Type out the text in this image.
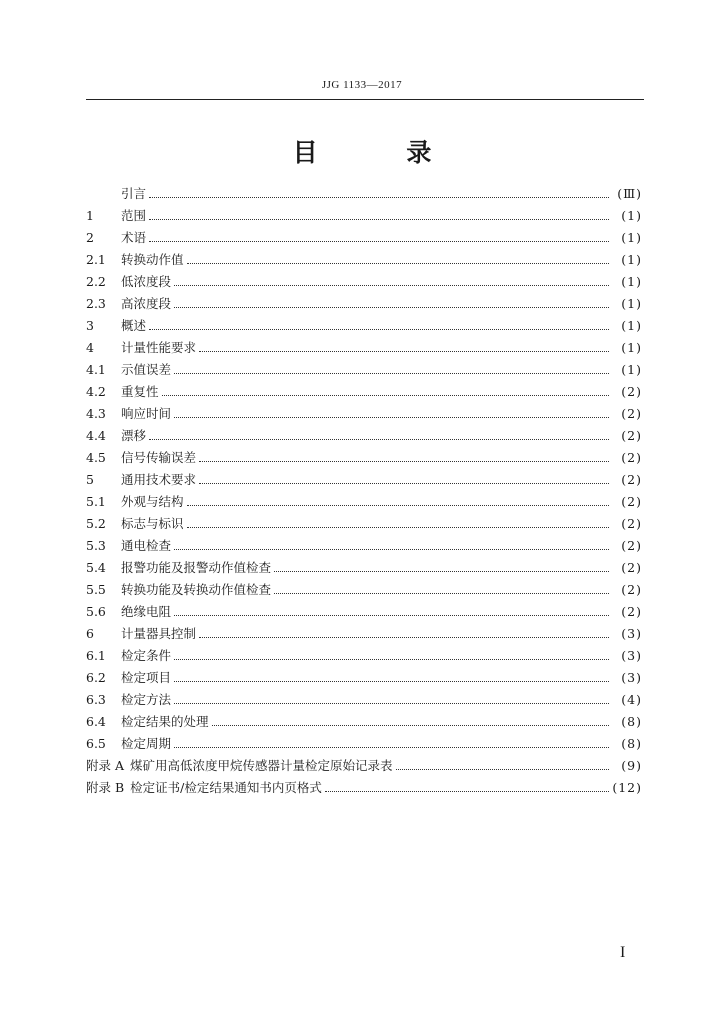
JJG 1133—2017
目 录
引言	(Ⅲ)
1	范围	(1)
2	术语	(1)
2.1	转换动作值	(1)
2.2	低浓度段	(1)
2.3	高浓度段	(1)
3	概述	(1)
4	计量性能要求	(1)
4.1	示值误差	(1)
4.2	重复性	(2)
4.3	响应时间	(2)
4.4	漂移	(2)
4.5	信号传输误差	(2)
5	通用技术要求	(2)
5.1	外观与结构	(2)
5.2	标志与标识	(2)
5.3	通电检查	(2)
5.4	报警功能及报警动作值检查	(2)
5.5	转换功能及转换动作值检查	(2)
5.6	绝缘电阻	(2)
6	计量器具控制	(3)
6.1	检定条件	(3)
6.2	检定项目	(3)
6.3	检定方法	(4)
6.4	检定结果的处理	(8)
6.5	检定周期	(8)
附录 A 煤矿用高低浓度甲烷传感器计量检定原始记录表	(9)
附录 B 检定证书/检定结果通知书内页格式	(12)
I
